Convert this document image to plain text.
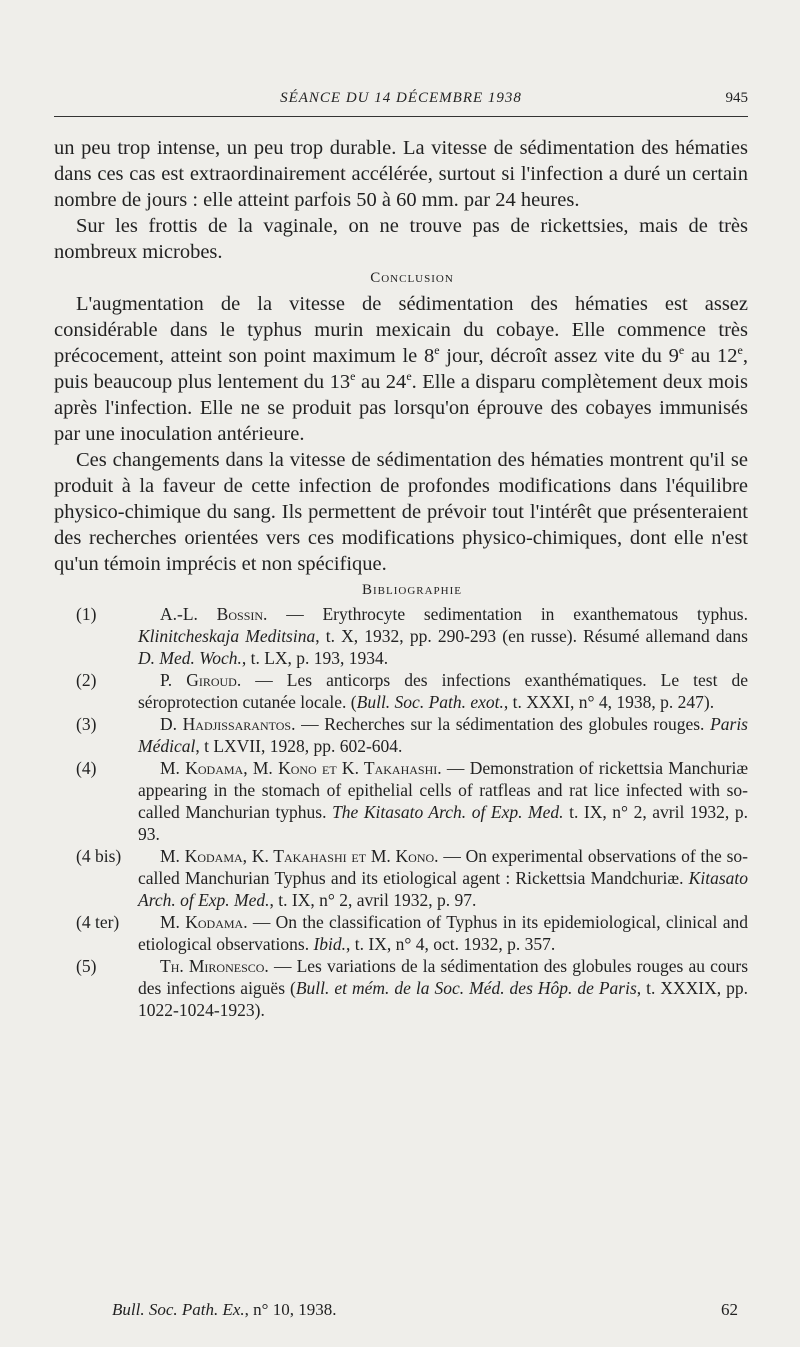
SÉANCE DU 14 DÉCEMBRE 1938	945

un peu trop intense, un peu trop durable. La vitesse de sédimentation des hématies dans ces cas est extraordinairement accélérée, surtout si l'infection a duré un certain nombre de jours : elle atteint parfois 50 à 60 mm. par 24 heures.

Sur les frottis de la vaginale, on ne trouve pas de rickettsies, mais de très nombreux microbes.

Conclusion

L'augmentation de la vitesse de sédimentation des hématies est assez considérable dans le typhus murin mexicain du cobaye. Elle commence très précocement, atteint son point maximum le 8e jour, décroît assez vite du 9e au 12e, puis beaucoup plus lentement du 13e au 24e. Elle a disparu complètement deux mois après l'infection. Elle ne se produit pas lorsqu'on éprouve des cobayes immunisés par une inoculation antérieure.

Ces changements dans la vitesse de sédimentation des hématies montrent qu'il se produit à la faveur de cette infection de profondes modifications dans l'équilibre physico-chimique du sang. Ils permettent de prévoir tout l'intérêt que présenteraient des recherches orientées vers ces modifications physico-chimiques, dont elle n'est qu'un témoin imprécis et non spécifique.

Bibliographie

(1)	A.-L. Bossin. — Erythrocyte sedimentation in exanthematous typhus. Klinitcheskaja Meditsina, t. X, 1932, pp. 290-293 (en russe). Résumé allemand dans D. Med. Woch., t. LX, p. 193, 1934.

(2)	P. Giroud. — Les anticorps des infections exanthématiques. Le test de séroprotection cutanée locale. (Bull. Soc. Path. exot., t. XXXI, n° 4, 1938, p. 247).

(3)	D. Hadjissarantos. — Recherches sur la sédimentation des globules rouges. Paris Médical, t LXVII, 1928, pp. 602-604.

(4)	M. Kodama, M. Kono et K. Takahashi. — Demonstration of rickettsia Manchuriæ appearing in the stomach of epithelial cells of ratfleas and rat lice infected with so-called Manchurian typhus. The Kitasato Arch. of Exp. Med. t. IX, n° 2, avril 1932, p. 93.

(4 bis) M. Kodama, K. Takahashi et M. Kono. — On experimental observations of the so-called Manchurian Typhus and its etiological agent : Rickettsia Mandchuriæ. Kitasato Arch. of Exp. Med., t. IX, n° 2, avril 1932, p. 97.

(4 ter) M. Kodama. — On the classification of Typhus in its epidemiological, clinical and etiological observations. Ibid., t. IX, n° 4, oct. 1932, p. 357.

(5)	Th. Mironesco. — Les variations de la sédimentation des globules rouges au cours des infections aiguës (Bull. et mém. de la Soc. Méd. des Hôp. de Paris, t. XXXIX, pp. 1022-1024-1923).

Bull. Soc. Path. Ex., n° 10, 1938.	62
